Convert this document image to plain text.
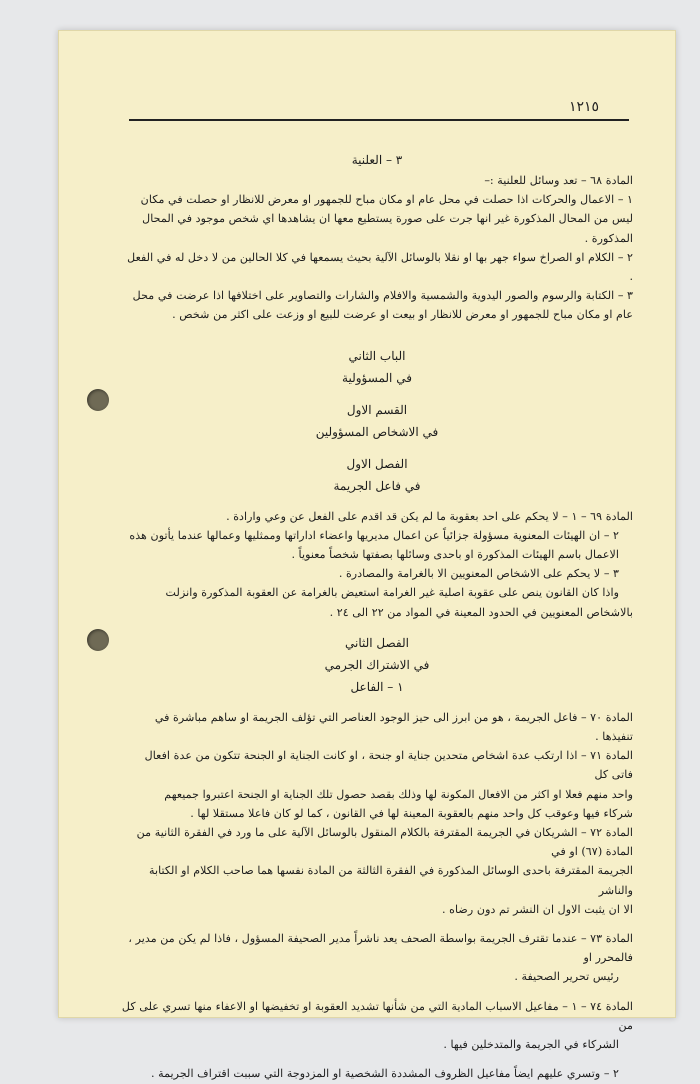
١٢١٥

٣ – العلنية

المادة ٦٨ – تعد وسائل للعلنية :–

١ – الاعمال والحركات اذا حصلت في محل عام او مكان مباح للجمهور او معرض للانظار او حصلت في مكان

ليس من المحال المذكورة غير انها جرت على صورة يستطيع معها ان يشاهدها اي شخص موجود في المحال المذكورة .

٢ – الكلام او الصراخ سواء جهر بها او نقلا بالوسائل الآلية بحيث يسمعها في كلا الحالين من لا دخل له في الفعل .

٣ – الكتابة والرسوم والصور اليدوية والشمسية والافلام والشارات والتصاوير على اختلافها اذا عرضت في محل

عام او مكان مباح للجمهور او معرض للانظار او بيعت او عرضت للبيع او وزعت على اكثر من شخص .

الباب الثاني

في المسؤولية

القسم الاول

في الاشخاص المسؤولين

الفصل الاول

في فاعل الجريمة

المادة ٦٩ – ١ – لا يحكم على احد بعقوبة ما لم يكن قد اقدم على الفعل عن وعي وارادة .

٢ – ان الهيئات المعنوية مسؤولة جزائياً عن اعمال مديريها واعضاء اداراتها وممثليها وعمالها عندما يأتون هذه

الاعمال باسم الهيئات المذكورة او باحدى وسائلها بصفتها شخصاً معنوياً .

٣ – لا يحكم على الاشخاص المعنويين الا بالغرامة والمصادرة .

واذا كان القانون ينص على عقوبة اصلية غير الغرامة استعيض بالغرامة عن العقوبة المذكورة وانزلت

بالاشخاص المعنويين في الحدود المعينة في المواد من ٢٢ الى ٢٤ .

الفصل الثاني

في الاشتراك الجرمي

١ – الفاعل

المادة ٧٠ – فاعل الجريمة ، هو من ابرز الى حيز الوجود العناصر التي تؤلف الجريمة او ساهم مباشرة في تنفيذها .

المادة ٧١ – اذا ارتكب عدة اشخاص متحدين جناية او جنحة ، او كانت الجناية او الجنحة تتكون من عدة افعال فاتى كل

واحد منهم فعلا او اكثر من الافعال المكونة لها وذلك بقصد حصول تلك الجناية او الجنحة اعتبروا جميعهم

شركاء فيها وعوقب كل واحد منهم بالعقوبة المعينة لها في القانون ، كما لو كان فاعلا مستقلا لها .

المادة ٧٢ – الشريكان في الجريمة المقترفة بالكلام المنقول بالوسائل الآلية على ما ورد في الفقرة الثانية من المادة (٦٧) او في

الجريمة المقترفة باحدى الوسائل المذكورة في الفقرة الثالثة من المادة نفسها هما صاحب الكلام او الكتابة والناشر

الا ان يثبت الاول ان النشر تم دون رضاه .

المادة ٧٣ – عندما تقترف الجريمة بواسطة الصحف يعد ناشراً مدير الصحيفة المسؤول ، فاذا لم يكن من مدير ، فالمحرر او

رئيس تحرير الصحيفة .

المادة ٧٤ – ١ – مفاعيل الاسباب المادية التي من شأنها تشديد العقوبة او تخفيضها او الاعفاء منها تسري على كل من

الشركاء في الجريمة والمتدخلين فيها .

٢ – وتسري عليهم ايضاً مفاعيل الظروف المشددة الشخصية او المزدوجة التي سببت اقتراف الجريمة .
